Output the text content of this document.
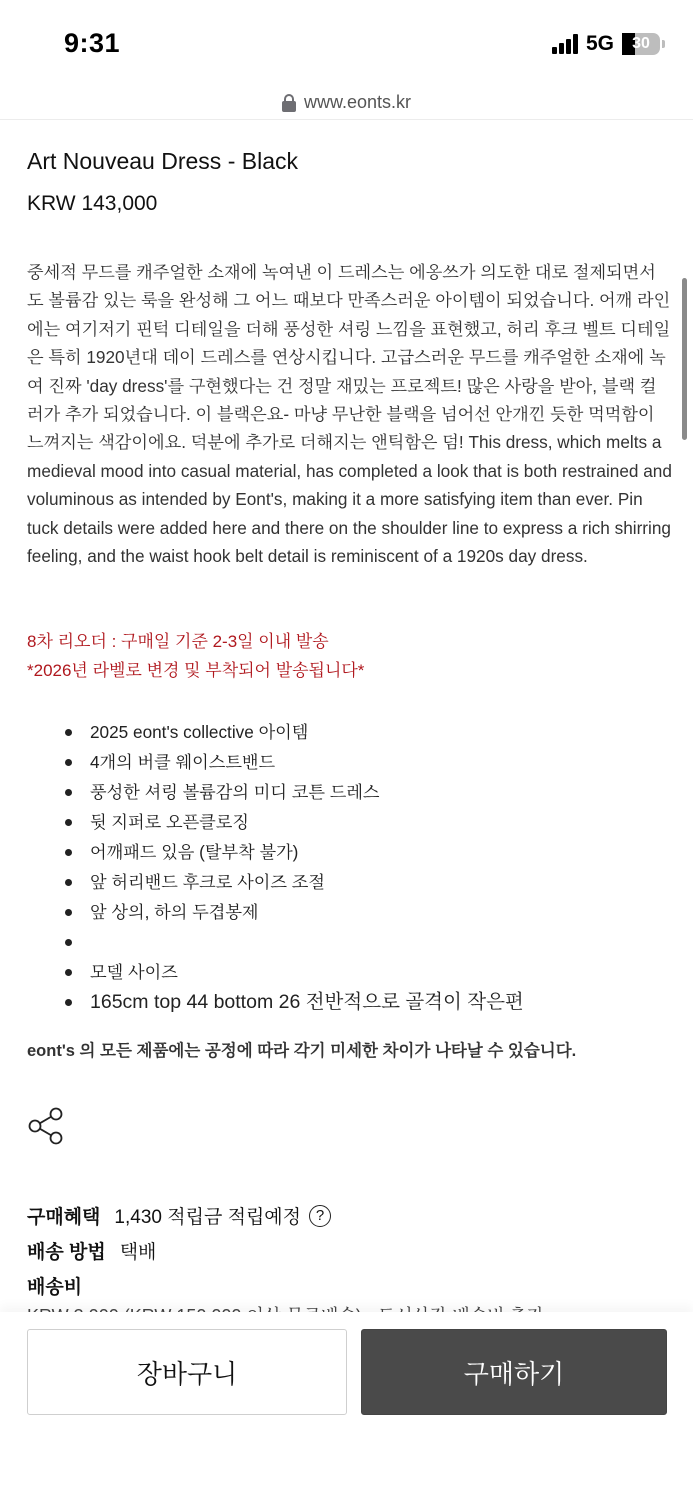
9:31	5G 30
www.eonts.kr
Art Nouveau Dress - Black
KRW 143,000
중세적 무드를 캐주얼한 소재에 녹여낸 이 드레스는 에옹쓰가 의도한 대로 절제되면서도 볼륨감 있는 룩을 완성해 그 어느 때보다 만족스러운 아이템이 되었습니다. 어깨 라인에는 여기저기 핀턱 디테일을 더해 풍성한 셔링 느낌을 표현했고, 허리 후크 벨트 디테일은 특히 1920년대 데이 드레스를 연상시킵니다. 고급스러운 무드를 캐주얼한 소재에 녹여 진짜 'day dress'를 구현했다는 건 정말 재밌는 프로젝트! 많은 사랑을 받아, 블랙 컬러가 추가 되었습니다. 이 블랙은요- 마냥 무난한 블랙을 넘어선 안개낀 듯한 먹먹함이 느껴지는 색감이에요. 덕분에 추가로 더해지는 앤틱함은 덤! This dress, which melts a medieval mood into casual material, has completed a look that is both restrained and voluminous as intended by Eont's, making it a more satisfying item than ever. Pin tuck details were added here and there on the shoulder line to express a rich shirring feeling, and the waist hook belt detail is reminiscent of a 1920s day dress.
8차 리오더 : 구매일 기준 2-3일 이내 발송
*2026년 라벨로 변경 및 부착되어 발송됩니다*
2025 eont's collective 아이템
4개의 버클 웨이스트밴드
풍성한 셔링 볼륨감의 미디 코튼 드레스
뒷 지퍼로 오픈클로징
어깨패드 있음 (탈부착 불가)
앞 허리밴드 후크로 사이즈 조절
앞 상의, 하의 두겹봉제
모델 사이즈
165cm top 44 bottom 26 전반적으로 골격이 작은편
eont's 의 모든 제품에는 공정에 따라 각기 미세한 차이가 나타날 수 있습니다.
구매혜택 1,430 적립금 적립예정 ?
배송 방법 택배
배송비
장바구니	구매하기
